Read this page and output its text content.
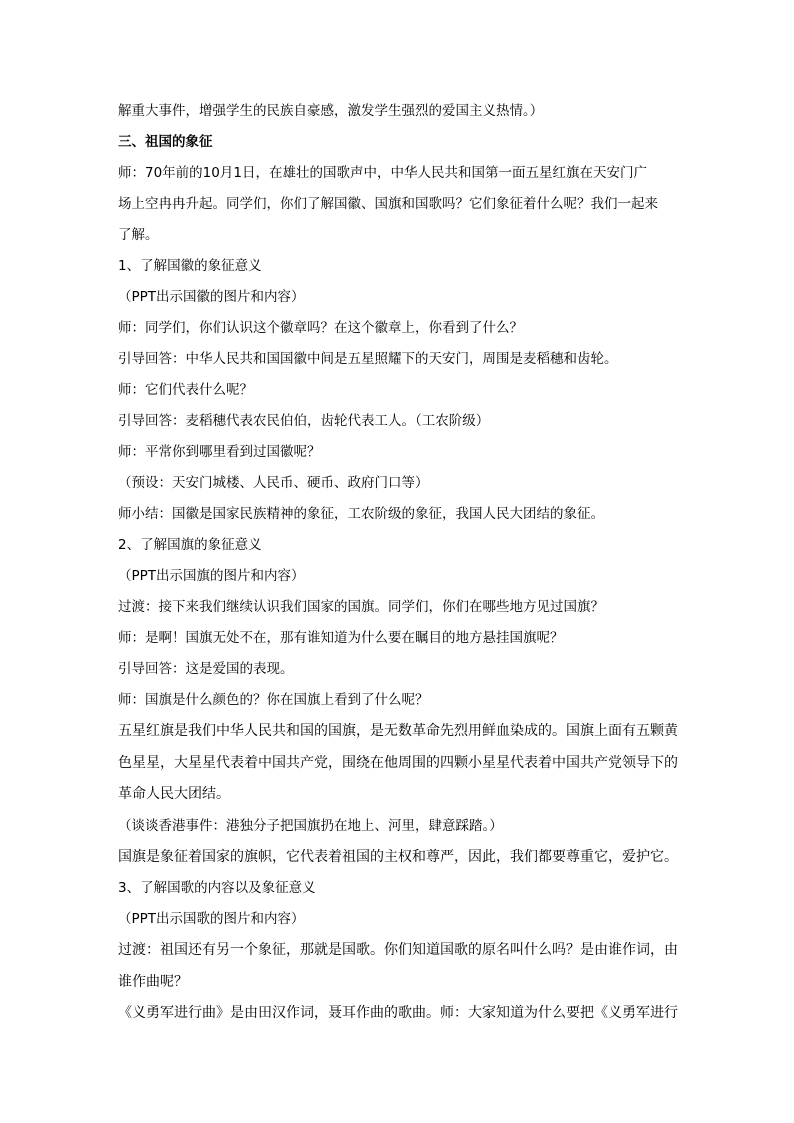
解重大事件，增强学生的民族自豪感，激发学生强烈的爱国主义热情。）

三、祖国的象征

师：70年前的10月1日，在雄壮的国歌声中，中华人民共和国第一面五星红旗在天安门广

场上空冉冉升起。同学们，你们了解国徽、国旗和国歌吗？它们象征着什么呢？我们一起来

了解。

1、了解国徽的象征意义

（PPT出示国徽的图片和内容）

师：同学们，你们认识这个徽章吗？在这个徽章上，你看到了什么？

引导回答：中华人民共和国国徽中间是五星照耀下的天安门，周围是麦稻穗和齿轮。

师：它们代表什么呢？

引导回答：麦稻穗代表农民伯伯，齿轮代表工人。（工农阶级）

师：平常你到哪里看到过国徽呢？

（预设：天安门城楼、人民币、硬币、政府门口等）

师小结：国徽是国家民族精神的象征，工农阶级的象征，我国人民大团结的象征。

2、了解国旗的象征意义

（PPT出示国旗的图片和内容）

过渡：接下来我们继续认识我们国家的国旗。同学们，你们在哪些地方见过国旗？

师：是啊！国旗无处不在，那有谁知道为什么要在瞩目的地方悬挂国旗呢？

引导回答：这是爱国的表现。

师：国旗是什么颜色的？你在国旗上看到了什么呢？

五星红旗是我们中华人民共和国的国旗，是无数革命先烈用鲜血染成的。国旗上面有五颗黄

色星星，大星星代表着中国共产党，围绕在他周围的四颗小星星代表着中国共产党领导下的

革命人民大团结。

（谈谈香港事件：港独分子把国旗扔在地上、河里，肆意踩踏。）

国旗是象征着国家的旗帜，它代表着祖国的主权和尊严，因此，我们都要尊重它，爱护它。

3、了解国歌的内容以及象征意义

（PPT出示国歌的图片和内容）

过渡：祖国还有另一个象征，那就是国歌。你们知道国歌的原名叫什么吗？是由谁作词，由

谁作曲呢？

《义勇军进行曲》是由田汉作词，聂耳作曲的歌曲。师：大家知道为什么要把《义勇军进行
